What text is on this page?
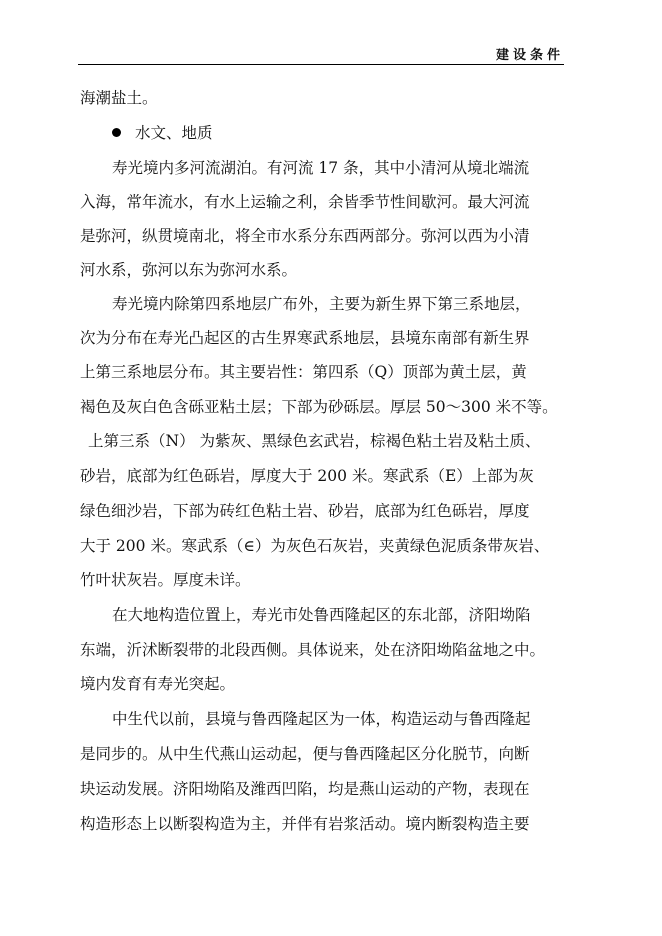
建设条件
海潮盐土。
水文、地质
寿光境内多河流湖泊。有河流 17 条，其中小清河从境北端流
入海，常年流水，有水上运输之利，余皆季节性间歇河。最大河流
是弥河，纵贯境南北，将全市水系分东西两部分。弥河以西为小清
河水系，弥河以东为弥河水系。
寿光境内除第四系地层广布外，主要为新生界下第三系地层，
次为分布在寿光凸起区的古生界寒武系地层，县境东南部有新生界
上第三系地层分布。其主要岩性：第四系（Q）顶部为黄土层，黄
褐色及灰白色含砾亚粘土层；下部为砂砾层。厚层 50～300 米不等。
上第三系（N） 为紫灰、黑绿色玄武岩，棕褐色粘土岩及粘土质、
砂岩，底部为红色砾岩，厚度大于 200 米。寒武系（E）上部为灰
绿色细沙岩，下部为砖红色粘土岩、砂岩，底部为红色砾岩，厚度
大于 200 米。寒武系（∈）为灰色石灰岩，夹黄绿色泥质条带灰岩、
竹叶状灰岩。厚度未详。
在大地构造位置上，寿光市处鲁西隆起区的东北部，济阳坳陷
东端，沂沭断裂带的北段西侧。具体说来，处在济阳坳陷盆地之中。
境内发育有寿光突起。
中生代以前，县境与鲁西隆起区为一体，构造运动与鲁西隆起
是同步的。从中生代燕山运动起，便与鲁西隆起区分化脱节，向断
块运动发展。济阳坳陷及潍西凹陷，均是燕山运动的产物，表现在
构造形态上以断裂构造为主，并伴有岩浆活动。境内断裂构造主要
